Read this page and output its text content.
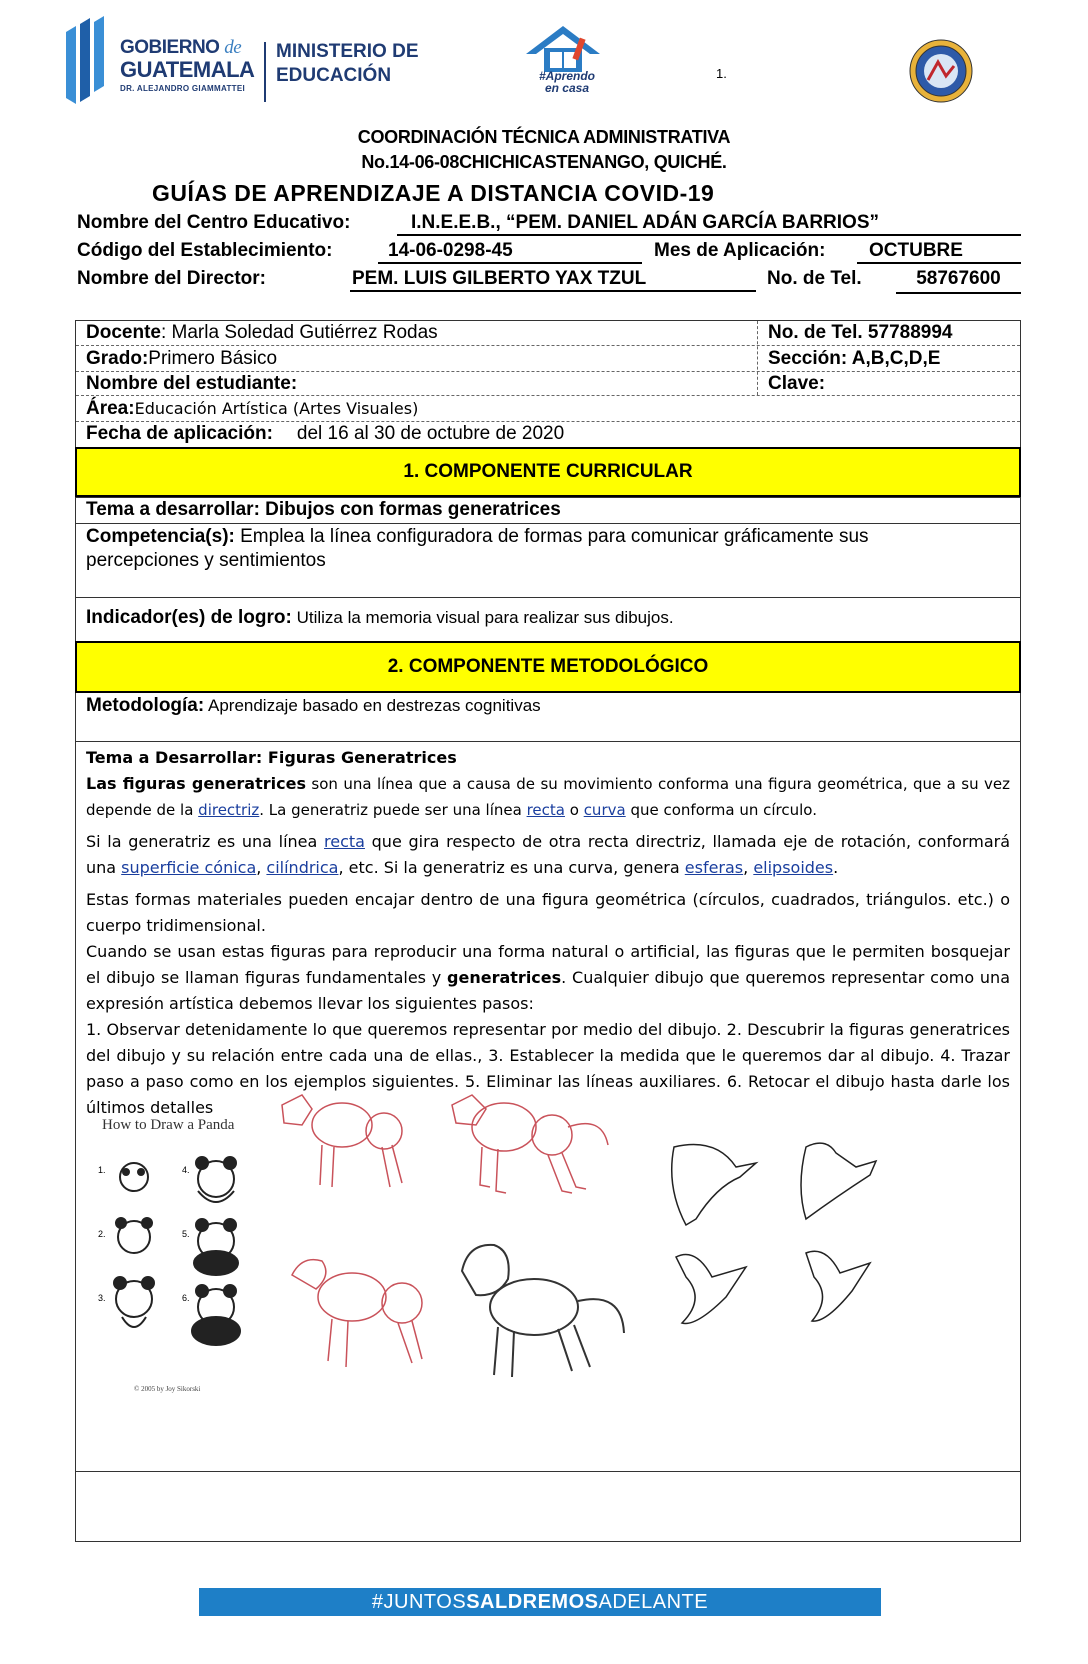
GOBIERNO de
GUATEMALA
DR. ALEJANDRO GIAMMATTEI
MINISTERIO DE
EDUCACIÓN	#Aprendo
en casa
1.
COORDINACIÓN TÉCNICA ADMINISTRATIVA
No.14-06-08CHICHICASTENANGO, QUICHÉ.
GUÍAS DE APRENDIZAJE A DISTANCIA COVID-19
Nombre del Centro Educativo:	I.N.E.E.B., “PEM. DANIEL ADÁN GARCÍA BARRIOS”
Código del Establecimiento:	14-06-0298-45	Mes de Aplicación:	OCTUBRE
Nombre del Director:	PEM. LUIS GILBERTO YAX TZUL	No. de Tel.	58767600
Docente: Marla Soledad Gutiérrez Rodas	No. de Tel. 57788994
Grado:Primero Básico	Sección: A,B,C,D,E
Nombre del estudiante:	Clave:
Área:Educación Artística (Artes Visuales)
Fecha de aplicación: del 16 al 30 de octubre de 2020
1. COMPONENTE CURRICULAR
Tema a desarrollar: Dibujos con formas generatrices
Competencia(s): Emplea la línea configuradora de formas para comunicar gráficamente sus
percepciones y sentimientos
Indicador(es) de logro: Utiliza la memoria visual para realizar sus dibujos.
2. COMPONENTE METODOLÓGICO
Metodología: Aprendizaje basado en destrezas cognitivas
Tema a Desarrollar: Figuras Generatrices
Las figuras generatrices son una línea que a causa de su movimiento conforma una figura geométrica, que a su vez depende de la directriz. La generatriz puede ser una línea recta o curva que conforma un círculo.
Si la generatriz es una línea recta que gira respecto de otra recta directriz, llamada eje de rotación, conformará una superficie cónica, cilíndrica, etc. Si la generatriz es una curva, genera esferas, elipsoides.
Estas formas materiales pueden encajar dentro de una figura geométrica (círculos, cuadrados, triángulos. etc.) o cuerpo tridimensional.
Cuando se usan estas figuras para reproducir una forma natural o artificial, las figuras que le permiten bosquejar el dibujo se llaman figuras fundamentales y generatrices. Cualquier dibujo que queremos representar como una expresión artística debemos llevar los siguientes pasos:
1. Observar detenidamente lo que queremos representar por medio del dibujo. 2. Descubrir la figuras generatrices del dibujo y su relación entre cada una de ellas., 3. Establecer la medida que le queremos dar al dibujo. 4. Trazar paso a paso como en los ejemplos siguientes. 5. Eliminar las líneas auxiliares. 6. Retocar el dibujo hasta darle los últimos detalles
How to Draw a Panda
1.	4.
2.	5.
3.	6.
© 2005 by Joy Sikorski
#JUNTOSSALDREMOSADELANTE
